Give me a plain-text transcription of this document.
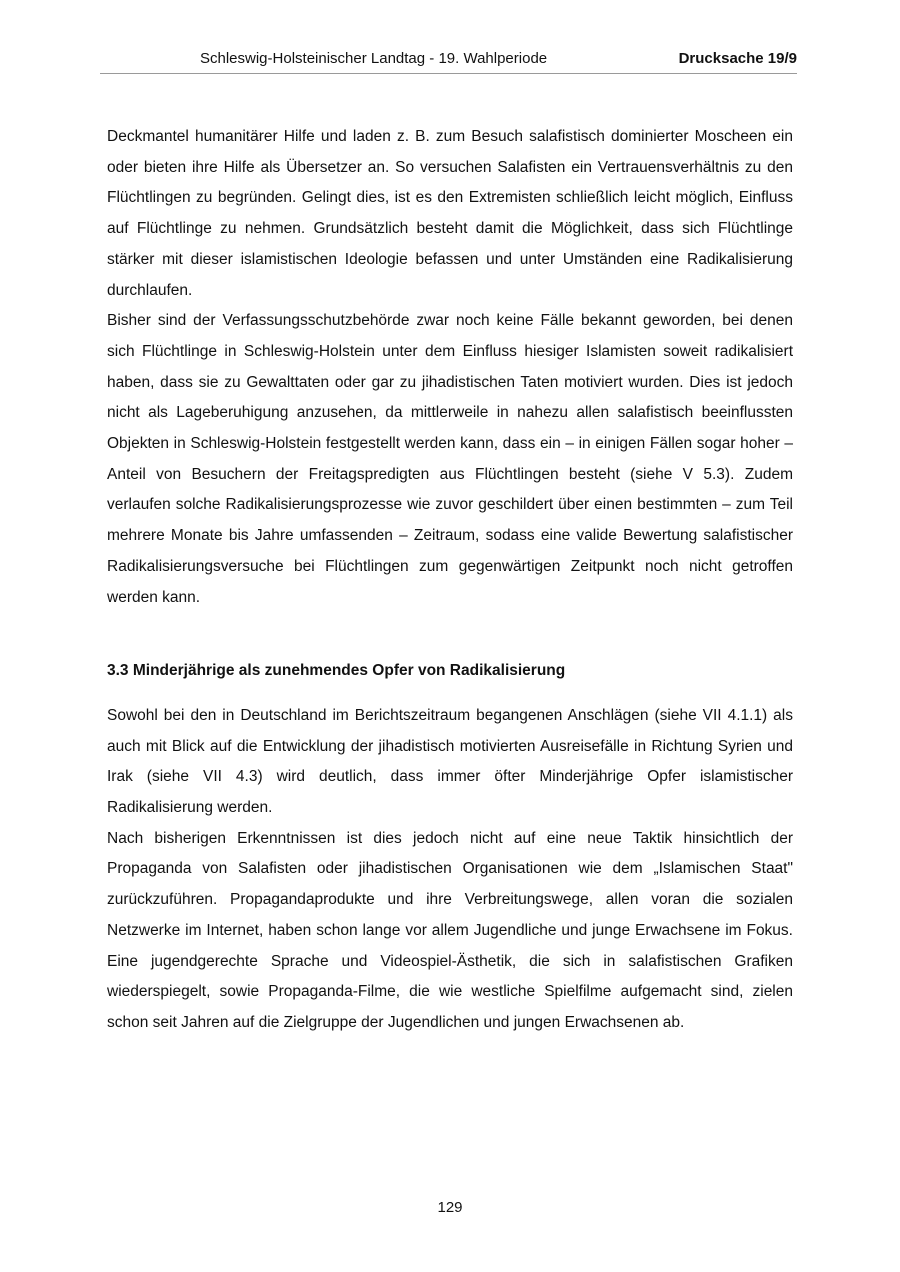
Schleswig-Holsteinischer Landtag - 19. Wahlperiode	Drucksache 19/9

Deckmantel humanitärer Hilfe und laden z. B. zum Besuch salafistisch dominierter Moscheen ein oder bieten ihre Hilfe als Übersetzer an. So versuchen Salafisten ein Vertrauensverhältnis zu den Flüchtlingen zu begründen. Gelingt dies, ist es den Extremisten schließlich leicht möglich, Einfluss auf Flüchtlinge zu nehmen. Grundsätzlich besteht damit die Möglichkeit, dass sich Flüchtlinge stärker mit dieser islamistischen Ideologie befassen und unter Umständen eine Radikalisierung durchlaufen.

Bisher sind der Verfassungsschutzbehörde zwar noch keine Fälle bekannt geworden, bei denen sich Flüchtlinge in Schleswig-Holstein unter dem Einfluss hiesiger Islamisten soweit radikalisiert haben, dass sie zu Gewalttaten oder gar zu jihadistischen Taten motiviert wurden. Dies ist jedoch nicht als Lageberuhigung anzusehen, da mittlerweile in nahezu allen salafistisch beeinflussten Objekten in Schleswig-Holstein festgestellt werden kann, dass ein – in einigen Fällen sogar hoher – Anteil von Besuchern der Freitagspredigten aus Flüchtlingen besteht (siehe V 5.3). Zudem verlaufen solche Radikalisierungsprozesse wie zuvor geschildert über einen bestimmten – zum Teil mehrere Monate bis Jahre umfassenden – Zeitraum, sodass eine valide Bewertung salafistischer Radikalisierungsversuche bei Flüchtlingen zum gegenwärtigen Zeitpunkt noch nicht getroffen werden kann.

3.3 Minderjährige als zunehmendes Opfer von Radikalisierung

Sowohl bei den in Deutschland im Berichtszeitraum begangenen Anschlägen (siehe VII 4.1.1) als auch mit Blick auf die Entwicklung der jihadistisch motivierten Ausreisefälle in Richtung Syrien und Irak (siehe VII 4.3) wird deutlich, dass immer öfter Minderjährige Opfer islamistischer Radikalisierung werden.

Nach bisherigen Erkenntnissen ist dies jedoch nicht auf eine neue Taktik hinsichtlich der Propaganda von Salafisten oder jihadistischen Organisationen wie dem „Islamischen Staat" zurückzuführen. Propagandaprodukte und ihre Verbreitungswege, allen voran die sozialen Netzwerke im Internet, haben schon lange vor allem Jugendliche und junge Erwachsene im Fokus. Eine jugendgerechte Sprache und Videospiel-Ästhetik, die sich in salafistischen Grafiken wiederspiegelt, sowie Propaganda-Filme, die wie westliche Spielfilme aufgemacht sind, zielen schon seit Jahren auf die Zielgruppe der Jugendlichen und jungen Erwachsenen ab.

129
